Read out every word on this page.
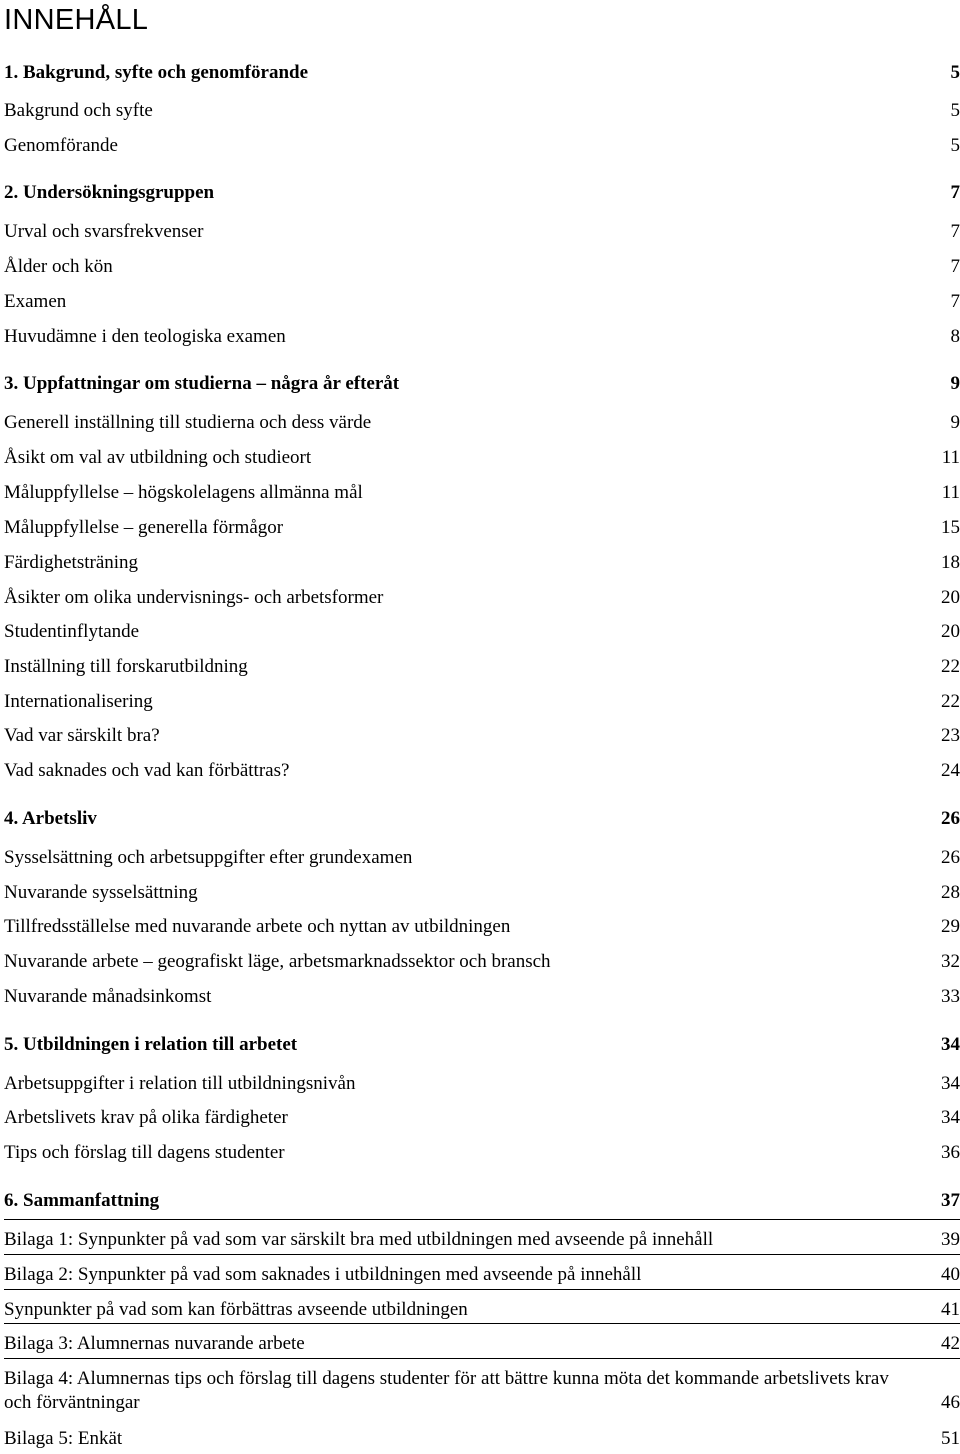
INNEHÅLL
1. Bakgrund, syfte och genomförande	5
Bakgrund och syfte	5
Genomförande	5
2. Undersökningsgruppen	7
Urval och svarsfrekvenser	7
Ålder och kön	7
Examen	7
Huvudämne i den teologiska examen	8
3. Uppfattningar om studierna – några år efteråt	9
Generell inställning till studierna och dess värde	9
Åsikt om val av utbildning och studieort	11
Måluppfyllelse – högskolelagens allmänna mål	11
Måluppfyllelse – generella förmågor	15
Färdighetsträning	18
Åsikter om olika undervisnings- och arbetsformer	20
Studentinflytande	20
Inställning till forskarutbildning	22
Internationalisering	22
Vad var särskilt bra?	23
Vad saknades och vad kan förbättras?	24
4. Arbetsliv	26
Sysselsättning och arbetsuppgifter efter grundexamen	26
Nuvarande sysselsättning	28
Tillfredsställelse med nuvarande arbete och nyttan av utbildningen	29
Nuvarande arbete – geografiskt läge, arbetsmarknadssektor och bransch	32
Nuvarande månadsinkomst	33
5. Utbildningen i relation till arbetet	34
Arbetsuppgifter i relation till utbildningsnivån	34
Arbetslivets krav på olika färdigheter	34
Tips och förslag till dagens studenter	36
6. Sammanfattning	37
Bilaga 1: Synpunkter på vad som var särskilt bra med utbildningen med avseende på innehåll	39
Bilaga 2: Synpunkter på vad som saknades i utbildningen med avseende på innehåll	40
Synpunkter på vad som kan förbättras avseende utbildningen	41
Bilaga 3: Alumnernas nuvarande arbete	42
Bilaga 4: Alumnernas tips och förslag till dagens studenter för att bättre kunna möta det kommande arbetslivets krav och förväntningar	46
Bilaga 5: Enkät	51
